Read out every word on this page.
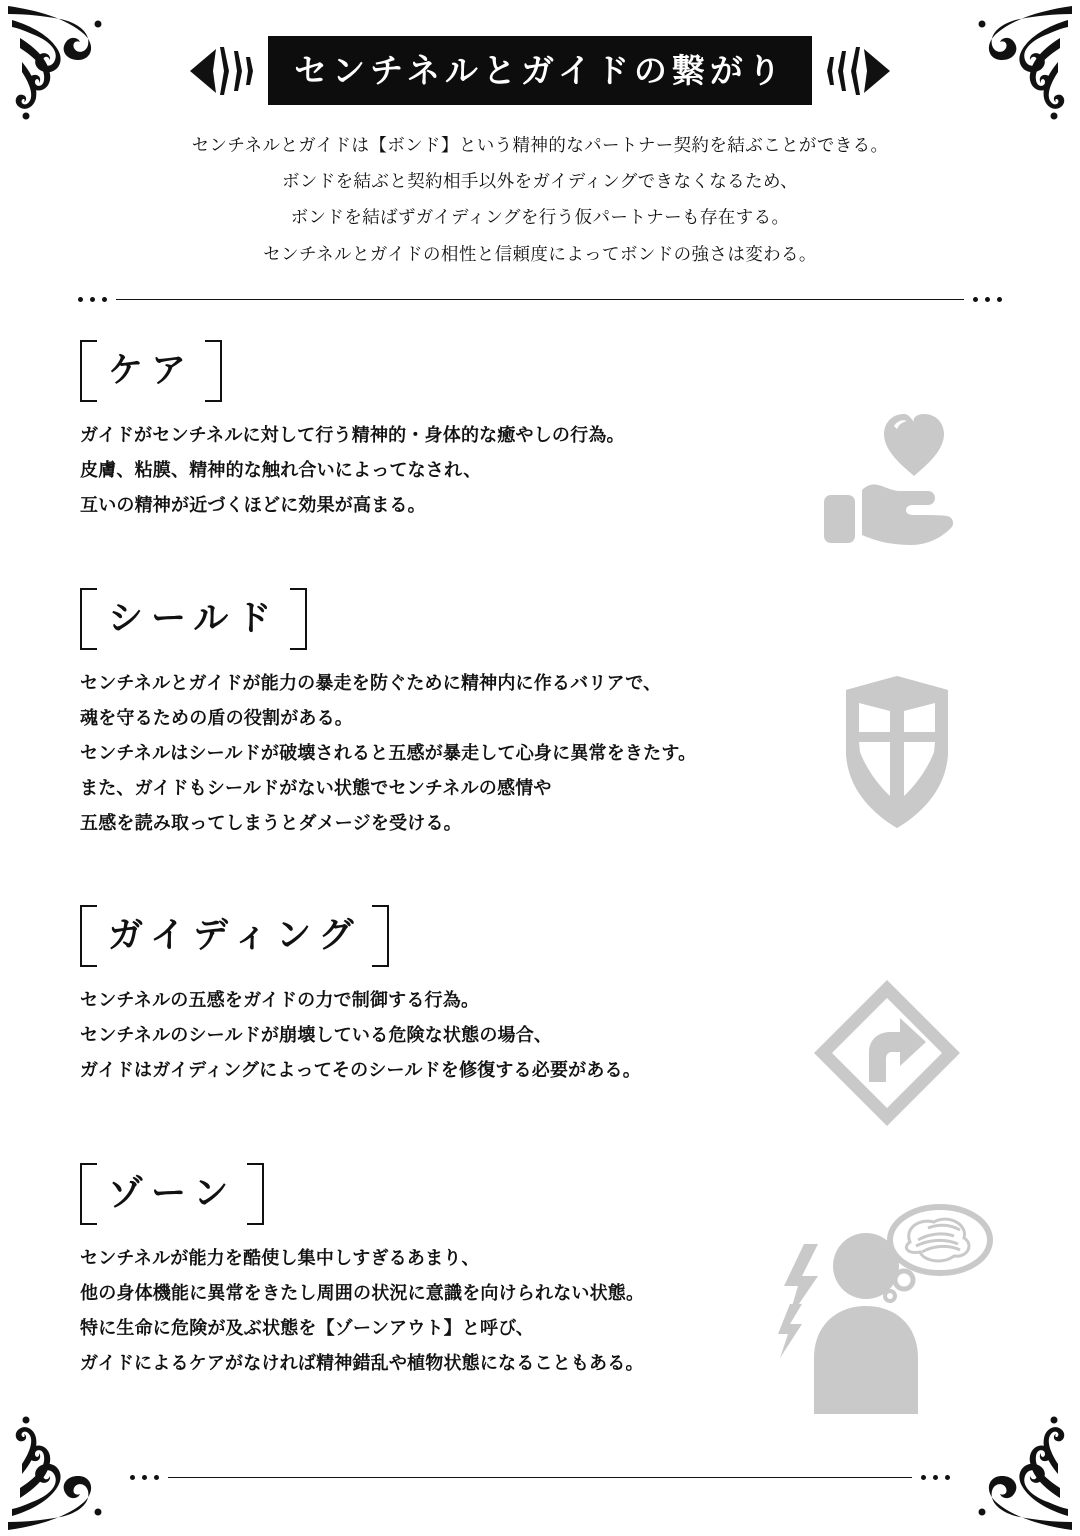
センチネルとガイドの繋がり
センチネルとガイドは【ボンド】という精神的なパートナー契約を結ぶことができる。
ボンドを結ぶと契約相手以外をガイディングできなくなるため、
ボンドを結ばずガイディングを行う仮パートナーも存在する。
センチネルとガイドの相性と信頼度によってボンドの強さは変わる。
ケア
ガイドがセンチネルに対して行う精神的・身体的な癒やしの行為。
皮膚、粘膜、精神的な触れ合いによってなされ、
互いの精神が近づくほどに効果が高まる。
シールド
センチネルとガイドが能力の暴走を防ぐために精神内に作るバリアで、
魂を守るための盾の役割がある。
センチネルはシールドが破壊されると五感が暴走して心身に異常をきたす。
また、ガイドもシールドがない状態でセンチネルの感情や
五感を読み取ってしまうとダメージを受ける。
ガイディング
センチネルの五感をガイドの力で制御する行為。
センチネルのシールドが崩壊している危険な状態の場合、
ガイドはガイディングによってそのシールドを修復する必要がある。
ゾーン
センチネルが能力を酷使し集中しすぎるあまり、
他の身体機能に異常をきたし周囲の状況に意識を向けられない状態。
特に生命に危険が及ぶ状態を【ゾーンアウト】と呼び、
ガイドによるケアがなければ精神錯乱や植物状態になることもある。
